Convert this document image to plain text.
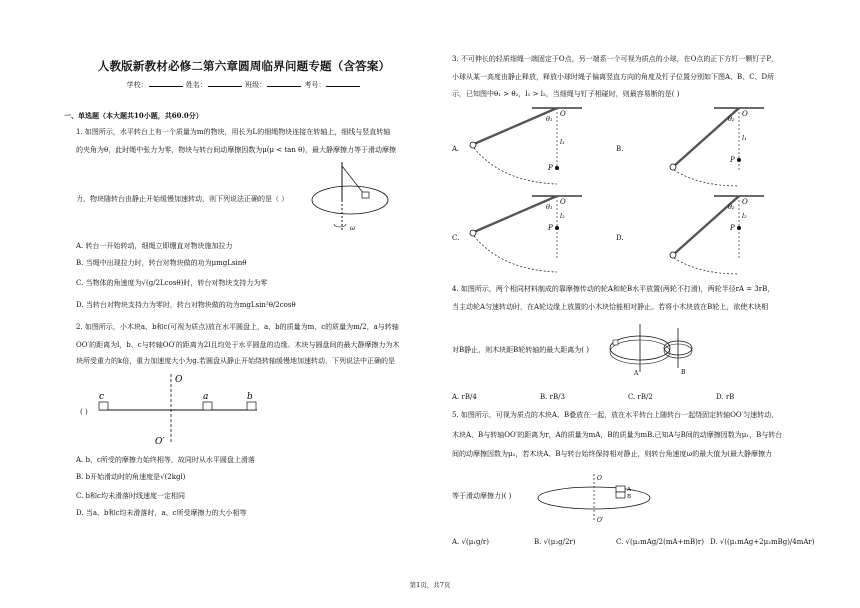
人教版新教材必修二第六章圆周临界问题专题（含答案）
学校：	姓名：	班级：	考号：
一、单选题（本大题共10小题，共60.0分）
1. 如图所示，水平转台上有一个质量为m的物块，用长为L的细绳物块连接在转轴上，细线与竖直转轴
的夹角为θ，此时绳中张力为零，物块与转台间动摩擦因数为μ(μ < tan θ)，最大静摩擦力等于滑动摩擦
力，物块随转台由静止开始缓慢加速转动，则下列说法正确的是（ ）
ω
A. 转台一开始转动，细绳立即绷直对物块施加拉力
B. 当绳中出现拉力时，转台对物块做的功为μmgLsinθ
C. 当物体的角速度为√(g/2Lcosθ)时，转台对物块支持力为零
D. 当转台对物块支持力为零时，转台对物块做的功为mgLsin²θ/2cosθ
2. 如图所示，小木块a、b和c(可视为质点)放在水平圆盘上，a、b的质量为m，c的质量为m/2，a与转轴
OO′的距离为l，b、c与转轴OO′的距离为2l且均处于水平圆盘的边缘。木块与圆盘间的最大静摩擦力为木
块所受重力的k倍，重力加速度大小为g.若圆盘从静止开始绕转轴缓慢地加速转动，下列说法中正确的是
( )
c	a	b
O
O′
A. b、c所受的摩擦力始终相等，故同时从水平圆盘上滑落
B. b开始滑动时的角速度是√(2kgl)
C. b和c均未滑落时线速度一定相同
D. 当a、b和c均未滑落时，a、c所受摩擦力的大小相等
3. 不可伸长的轻质细绳一端固定于O点，另一端系一个可视为质点的小球，在O点的正下方钉一颗钉子P，
小球从某一高度由静止释放，释放小球时绳子偏离竖直方向的角度及钉子位置分别如下图A、B、C、D所
示，已知图中θ₁ > θ₂，l₁ > l₂，当细绳与钉子相碰时，则最容易断的是( )
A.
O
θ₁
l₁
P
B.
O
θ₂
l₁
P
C.
O
θ₁
l₂
P
D.
O
θ₂
l₂
P
4. 如图所示，两个相同材料制成的靠摩擦传动的轮A和轮B水平放置(两轮不打滑)，两轮半径rA = 3rB，
当主动轮A匀速转动时，在A轮边缘上放置的小木块恰能相对静止。若将小木块放在B轮上，欲使木块相
对B静止，则木块距B轮转轴的最大距离为( )
A	B
A. rB/4	B. rB/3	C. rB/2	D. rB
5. 如图所示，可视为质点的木块A、B叠放在一起，放在水平转台上随转台一起绕固定转轴OO′匀速转动，
木块A、B与转轴OO′的距离为r，A的质量为mA，B的质量为mB.已知A与B间的动摩擦因数为μ₁，B与转台
间的动摩擦因数为μ₂，若木块A、B与转台始终保持相对静止，则转台角速度ω的最大值为(最大静摩擦力
等于滑动摩擦力)( )
O
O′
A
B
A. √(μ₁g/r)	B. √(μ₂g/2r)	C. √(μ₂mAg/2(mA+mB)r) D. √((μ₁mAg+2μ₂mBg)/4mAr)
第1页，共7页
